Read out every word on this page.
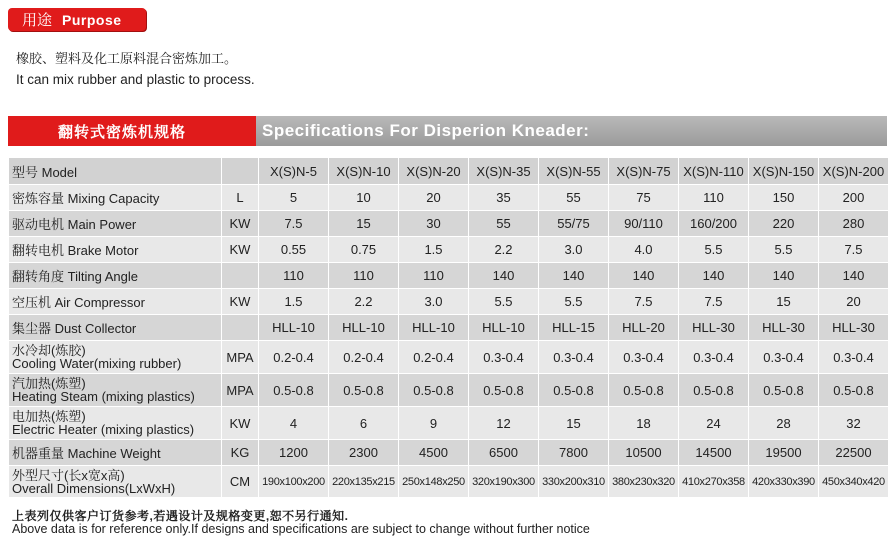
用途 Purpose
橡胶、塑料及化工原料混合密炼加工。
It can mix rubber and plastic to process.
翻转式密炼机规格	Specifications For Disperion Kneader:
型号 Model		X(S)N-5	X(S)N-10	X(S)N-20	X(S)N-35	X(S)N-55	X(S)N-75	X(S)N-110	X(S)N-150	X(S)N-200
密炼容量 Mixing Capacity	L	5	10	20	35	55	75	110	150	200
驱动电机 Main Power	KW	7.5	15	30	55	55/75	90/110	160/200	220	280
翻转电机 Brake Motor	KW	0.55	0.75	1.5	2.2	3.0	4.0	5.5	5.5	7.5
翻转角度 Tilting Angle		110	110	110	140	140	140	140	140	140
空压机 Air Compressor	KW	1.5	2.2	3.0	5.5	5.5	7.5	7.5	15	20
集尘器 Dust Collector		HLL-10	HLL-10	HLL-10	HLL-10	HLL-15	HLL-20	HLL-30	HLL-30	HLL-30

水冷却(炼胶)
Cooling Water(mixing rubber)	MPA	0.2-0.4	0.2-0.4	0.2-0.4	0.3-0.4	0.3-0.4	0.3-0.4	0.3-0.4	0.3-0.4	0.3-0.4

汽加热(炼塑)
Heating Steam (mixing plastics)	MPA	0.5-0.8	0.5-0.8	0.5-0.8	0.5-0.8	0.5-0.8	0.5-0.8	0.5-0.8	0.5-0.8	0.5-0.8

电加热(炼塑)
Electric Heater (mixing plastics)	KW	4	6	9	12	15	18	24	28	32
机器重量 Machine Weight	KG	1200	2300	4500	6500	7800	10500	14500	19500	22500

外型尺寸(长x宽x高)
Overall Dimensions(LxWxH)	CM	190x100x200	220x135x215	250x148x250	320x190x300	330x200x310	380x230x320	410x270x358	420x330x390	450x340x420
上表列仅供客户订货参考,若遇设计及规格变更,恕不另行通知.
Above data is for reference only.If designs and specifications are subject to change without further notice
